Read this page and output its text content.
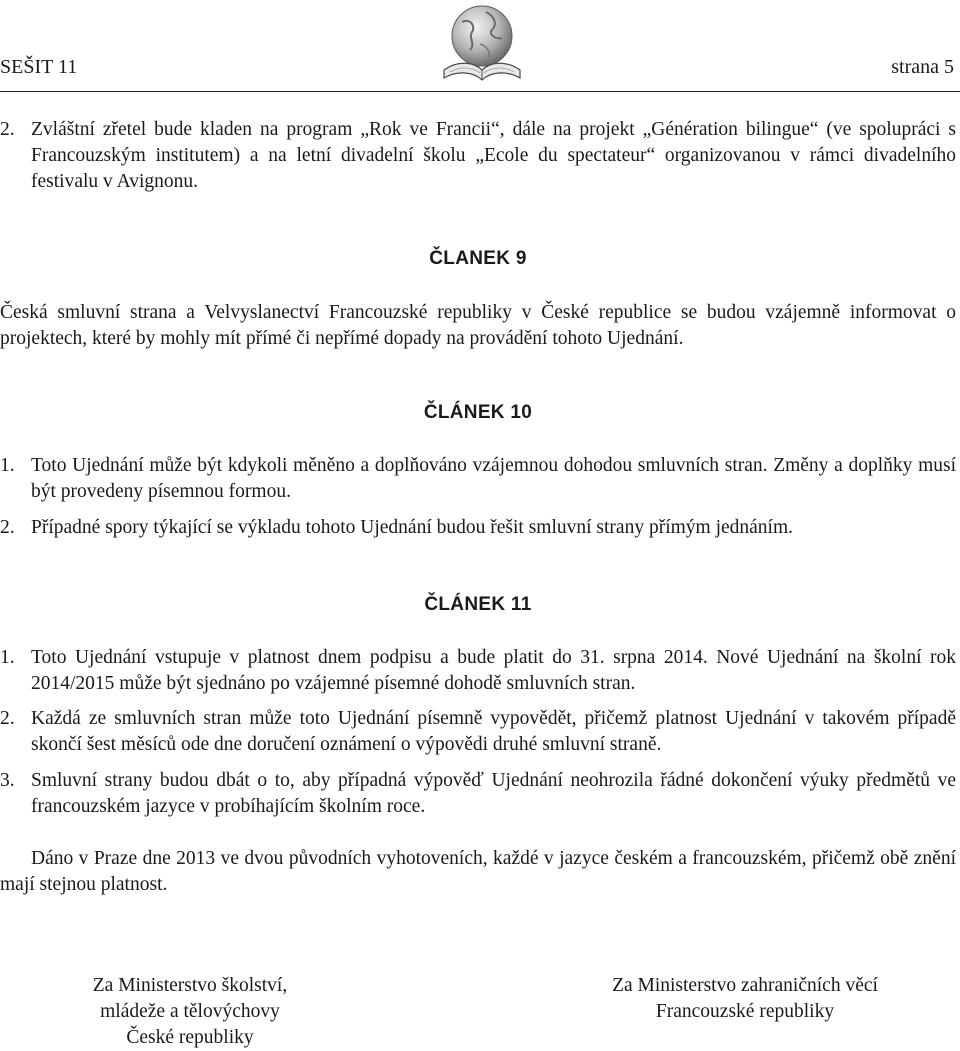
SEŠIT 11	strana 5
2. Zvláštní zřetel bude kladen na program „Rok ve Francii“, dále na projekt „Génération bilingue“ (ve spolupráci s Francouzským institutem) a na letní divadelní školu „Ecole du spectateur“ organizovanou v rámci divadelního festivalu v Avignonu.
ČLANEK 9
Česká smluvní strana a Velvyslanectví Francouzské republiky v České republice se budou vzájemně informovat o projektech, které by mohly mít přímé či nepřímé dopady na provádění tohoto Ujednání.
ČLÁNEK 10
1. Toto Ujednání může být kdykoli měněno a doplňováno vzájemnou dohodou smluvních stran. Změny a doplňky musí být provedeny písemnou formou.
2. Případné spory týkající se výkladu tohoto Ujednání budou řešit smluvní strany přímým jednáním.
ČLÁNEK 11
1. Toto Ujednání vstupuje v platnost dnem podpisu a bude platit do 31. srpna 2014. Nové Ujednání na školní rok 2014/2015 může být sjednáno po vzájemné písemné dohodě smluvních stran.
2. Každá ze smluvních stran může toto Ujednání písemně vypovědět, přičemž platnost Ujednání v takovém případě skončí šest měsíců ode dne doručení oznámení o výpovědi druhé smluvní straně.
3. Smluvní strany budou dbát o to, aby případná výpověď Ujednání neohrozila řádné dokončení výuky předmětů ve francouzském jazyce v probíhajícím školním roce.
Dáno v Praze dne 2013 ve dvou původních vyhotoveních, každé v jazyce českém a francouzském, přičemž obě znění mají stejnou platnost.
Za Ministerstvo školství,
mládeže a tělovýchovy
České republiky
Za Ministerstvo zahraničních věcí
Francouzské republiky
